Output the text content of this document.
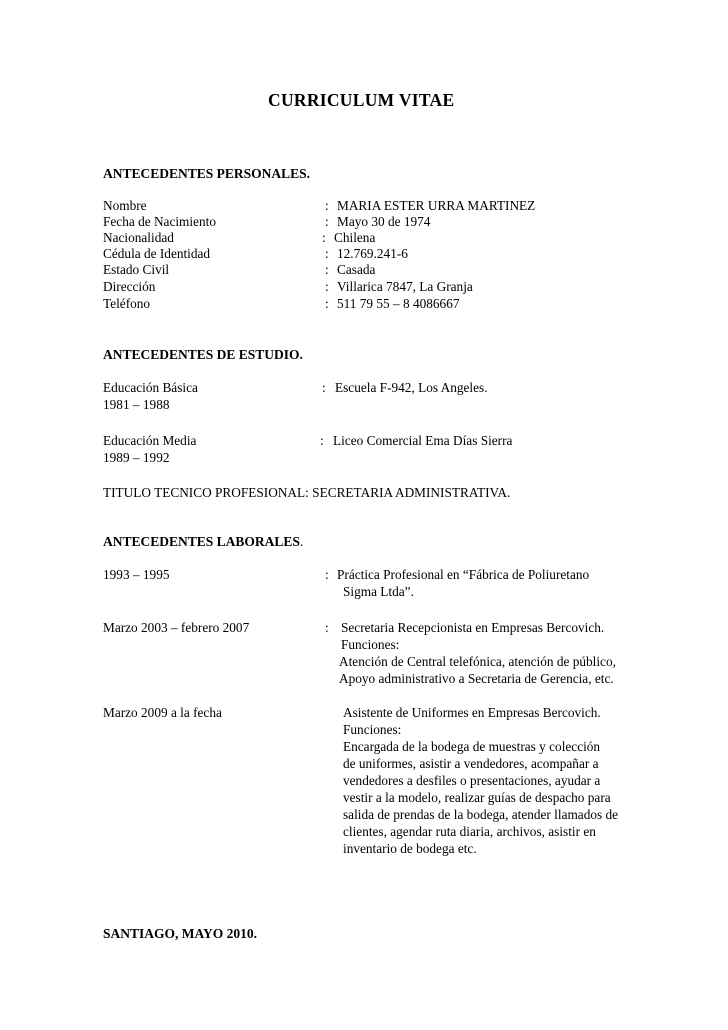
CURRICULUM VITAE
ANTECEDENTES PERSONALES.
Nombre	: MARIA ESTER URRA MARTINEZ
Fecha de Nacimiento	: Mayo 30 de 1974
Nacionalidad	: Chilena
Cédula de Identidad	: 12.769.241-6
Estado Civil	: Casada
Dirección	: Villarica 7847, La Granja
Teléfono	: 511 79 55 – 8 4086667
ANTECEDENTES DE ESTUDIO.
Educación Básica	: Escuela F-942, Los Angeles.
1981 – 1988
Educación Media	: Liceo Comercial Ema Días Sierra
1989 – 1992
TITULO TECNICO PROFESIONAL: SECRETARIA ADMINISTRATIVA.
ANTECEDENTES LABORALES.
1993 – 1995	: Práctica Profesional en “Fábrica de Poliuretano
Sigma Ltda”.
Marzo 2003 – febrero 2007	: Secretaria Recepcionista en Empresas Bercovich.
Funciones:
Atención de Central telefónica, atención de público,
Apoyo administrativo a Secretaria de Gerencia, etc.
Marzo 2009 a la fecha	Asistente de Uniformes en Empresas Bercovich.
Funciones:
Encargada de la bodega de muestras y colección
de uniformes, asistir a vendedores, acompañar a
vendedores a desfiles o presentaciones, ayudar a
vestir a la modelo, realizar guías de despacho para
salida de prendas de la bodega, atender llamados de
clientes, agendar ruta diaria, archivos, asistir en
inventario de bodega etc.
SANTIAGO, MAYO 2010.
